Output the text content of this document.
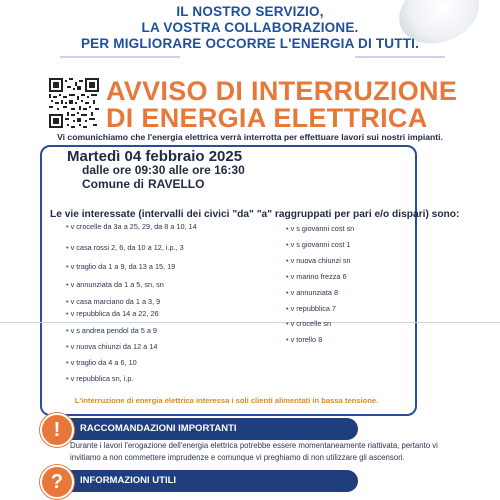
IL NOSTRO SERVIZIO,
LA VOSTRA COLLABORAZIONE.
PER MIGLIORARE OCCORRE L'ENERGIA DI TUTTI.
AVVISO DI INTERRUZIONE
DI ENERGIA ELETTRICA
Vi comunichiamo che l'energia elettrica verrà interrotta per effettuare lavori sui nostri impianti.
Martedì 04 febbraio 2025
dalle ore 09:30 alle ore 16:30
Comune di RAVELLO
Le vie interessate (intervalli dei civici "da" "a" raggruppati per pari e/o dispari) sono:
• v crocelle da 3a a 25, 29, da 8 a 10, 14
• v casa rossi 2, 6, da 10 a 12, i.p., 3
• v traglio da 1 a 9, da 13 a 15, 19
• v annunziata da 1 a 5, sn, sn
• v casa marciano da 1 a 3, 9
• v repubblica da 14 a 22, 26
• v s andrea pendol da 5 a 9
• v nuova chiunzi da 12 a 14
• v traglio da 4 a 6, 10
• v repubblica sn, i.p.
• v s giovanni cost sn
• v s giovanni cost 1
• v nuova chiunzi sn
• v marino frezza 6
• v annunziata 8
• v repubblica 7
• v crocelle sn
• v torello 8
L'interruzione di energia elettrica interessa i soli clienti alimentati in bassa tensione.
RACCOMANDAZIONI IMPORTANTI
!
Durante i lavori l'erogazione dell'energia elettrica potrebbe essere momentaneamente riattivata, pertanto vi
invitiamo a non commettere imprudenze e comunque vi preghiamo di non utilizzare gli ascensori.
INFORMAZIONI UTILI
?
